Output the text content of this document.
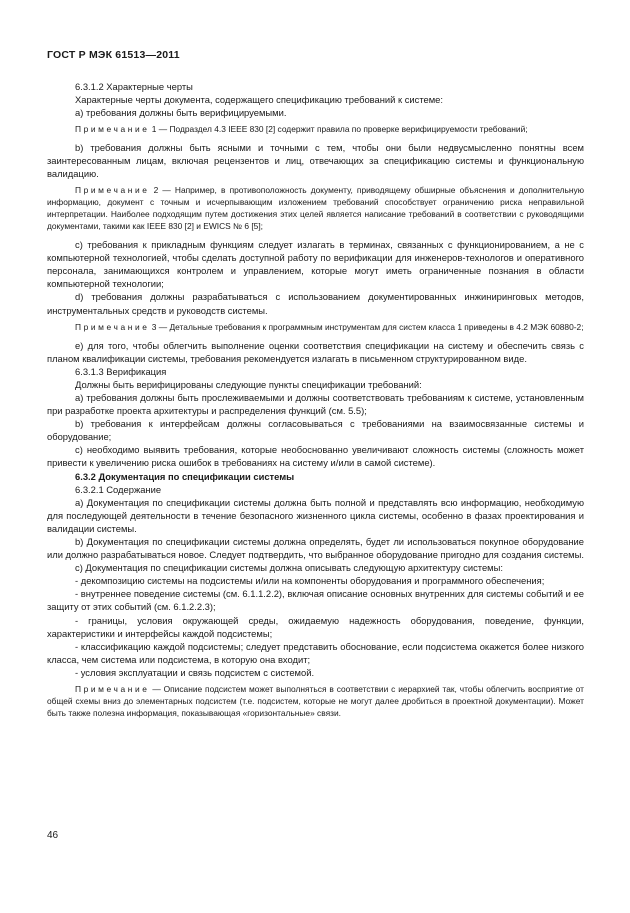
ГОСТ Р МЭК 61513—2011

6.3.1.2 Характерные черты

Характерные черты документа, содержащего спецификацию требований к системе:

а) требования должны быть верифицируемыми.

Примечание 1 — Подраздел 4.3 IEEE 830 [2] содержит правила по проверке верифицируемости требований;

b) требования должны быть ясными и точными с тем, чтобы они были недвусмысленно понятны всем заинтересованным лицам, включая рецензентов и лиц, отвечающих за спецификацию системы и функциональную валидацию.

Примечание 2 — Например, в противоположность документу, приводящему обширные объяснения и дополнительную информацию, документ с точным и исчерпывающим изложением требований способствует ограничению риска неправильной интерпретации. Наиболее подходящим путем достижения этих целей является написание требований в соответствии с руководящими документами, такими как IEEE 830 [2] и EWICS № 6 [5];

с) требования к прикладным функциям следует излагать в терминах, связанных с функционированием, а не с компьютерной технологией, чтобы сделать доступной работу по верификации для инженеров-технологов и оперативного персонала, занимающихся контролем и управлением, которые могут иметь ограниченные познания в области компьютерной технологии;

d) требования должны разрабатываться с использованием документированных инжиниринговых методов, инструментальных средств и руководств системы.

Примечание 3 — Детальные требования к программным инструментам для систем класса 1 приведены в 4.2 МЭК 60880-2;

е) для того, чтобы облегчить выполнение оценки соответствия спецификации на систему и обеспечить связь с планом квалификации системы, требования рекомендуется излагать в письменном структурированном виде.

6.3.1.3 Верификация

Должны быть верифицированы следующие пункты спецификации требований:

а) требования должны быть прослеживаемыми и должны соответствовать требованиям к системе, установленным при разработке проекта архитектуры и распределения функций (см. 5.5);

b) требования к интерфейсам должны согласовываться с требованиями на взаимосвязанные системы и оборудование;

с) необходимо выявить требования, которые необоснованно увеличивают сложность системы (сложность может привести к увеличению риска ошибок в требованиях на систему и/или в самой системе).

6.3.2 Документация по спецификации системы

6.3.2.1 Содержание

а) Документация по спецификации системы должна быть полной и представлять всю информацию, необходимую для последующей деятельности в течение безопасного жизненного цикла системы, особенно в фазах проектирования и валидации системы.

b) Документация по спецификации системы должна определять, будет ли использоваться покупное оборудование или должно разрабатываться новое. Следует подтвердить, что выбранное оборудование пригодно для создания системы.

с) Документация по спецификации системы должна описывать следующую архитектуру системы:

- декомпозицию системы на подсистемы и/или на компоненты оборудования и программного обеспечения;

- внутреннее поведение системы (см. 6.1.1.2.2), включая описание основных внутренних для системы событий и ее защиту от этих событий (см. 6.1.2.2.3);

- границы, условия окружающей среды, ожидаемую надежность оборудования, поведение, функции, характеристики и интерфейсы каждой подсистемы;

- классификацию каждой подсистемы; следует представить обоснование, если подсистема окажется более низкого класса, чем система или подсистема, в которую она входит;

- условия эксплуатации и связь подсистем с системой.

Примечание — Описание подсистем может выполняться в соответствии с иерархией так, чтобы облегчить восприятие от общей схемы вниз до элементарных подсистем (т.е. подсистем, которые не могут далее дробиться в проектной документации). Может быть также полезна информация, показывающая «горизонтальные» связи.

46
